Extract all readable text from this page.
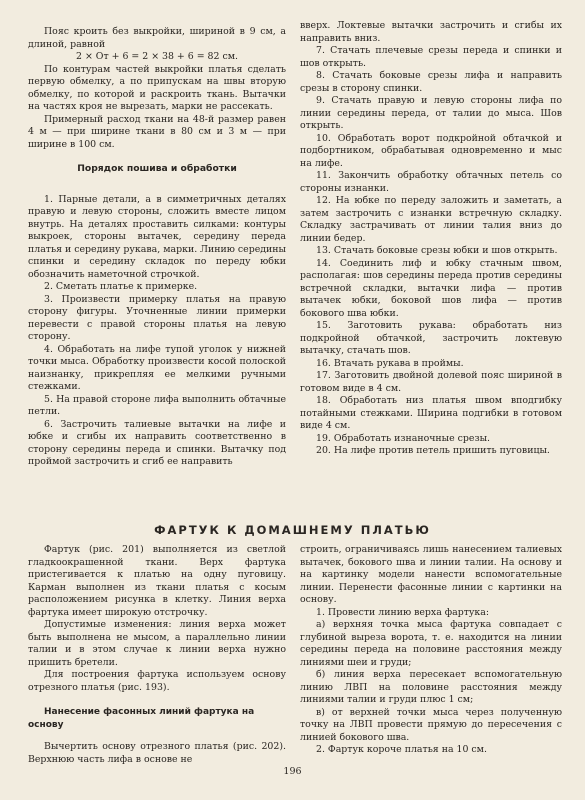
Пояс кроить без выкройки, шириной в 9 см, а длиной, равной

2 × От + 6 = 2 × 38 + 6 = 82 см.

По контурам частей выкройки платья сделать первую обмелку, а по припускам на швы вторую обмелку, по которой и раскроить ткань. Вытачки на частях кроя не вырезать, марки не рассекать.

Примерный расход ткани на 48-й размер равен 4 м — при ширине ткани в 80 см и 3 м — при ширине в 100 см.

Порядок пошива и обработки

1. Парные детали, а в симметричных деталях правую и левую стороны, сложить вместе лицом внутрь. На деталях проставить силками: контуры выкроек, стороны вытачек, середину переда платья и середину рукава, марки. Линию середины спинки и середину складок по переду юбки обозначить наметочной строчкой.

2. Сметать платье к примерке.

3. Произвести примерку платья на правую сторону фигуры. Уточненные линии примерки перевести с правой стороны платья на левую сторону.

4. Обработать на лифе тупой уголок у нижней точки мыса. Обработку произвести косой полоской наизнанку, прикрепляя ее мелкими ручными стежками.

5. На правой стороне лифа выполнить обтачные петли.

6. Застрочить талиевые вытачки на лифе и юбке и сгибы их направить соответственно в сторону середины переда и спинки. Вытачку под проймой застрочить и сгиб ее направить

вверх. Локтевые вытачки застрочить и сгибы их направить вниз.

7. Стачать плечевые срезы переда и спинки и шов открыть.

8. Стачать боковые срезы лифа и направить срезы в сторону спинки.

9. Стачать правую и левую стороны лифа по линии середины переда, от талии до мыса. Шов открыть.

10. Обработать ворот подкройной обтачкой и подбортником, обрабатывая одновременно и мыс на лифе.

11. Закончить обработку обтачных петель со стороны изнанки.

12. На юбке по переду заложить и заметать, а затем застрочить с изнанки встречную складку. Складку застрачивать от линии талия вниз до линии бедер.

13. Стачать боковые срезы юбки и шов открыть.

14. Соединить лиф и юбку стачным швом, располагая: шов середины переда против середины встречной складки, вытачки лифа — против вытачек юбки, боковой шов лифа — против бокового шва юбки.

15. Заготовить рукава: обработать низ подкройной обтачкой, застрочить локтевую вытачку, стачать шов.

16. Втачать рукава в проймы.

17. Заготовить двойной долевой пояс шириной в готовом виде в 4 см.

18. Обработать низ платья швом вподгибку потайными стежками. Ширина подгибки в готовом виде 4 см.

19. Обработать изнаночные срезы.

20. На лифе против петель пришить пуговицы.

ФАРТУК К ДОМАШНЕМУ ПЛАТЬЮ

Фартук (рис. 201) выполняется из светлой гладкоокрашенной ткани. Верх фартука пристегивается к платью на одну пуговицу. Карман выполнен из ткани платья с косым расположением рисунка в клетку. Линия верха фартука имеет широкую отстрочку.

Допустимые изменения: линия верха может быть выполнена не мысом, а параллельно линии талии и в этом случае к линии верха нужно пришить бретели.

Для построения фартука используем основу отрезного платья (рис. 193).

Нанесение фасонных линий фартука на основу

Вычертить основу отрезного платья (рис. 202). Верхнюю часть лифа в основе не

строить, ограничиваясь лишь нанесением талиевых вытачек, бокового шва и линии талии. На основу и на картинку модели нанести вспомогательные линии. Перенести фасонные линии с картинки на основу.

1. Провести линию верха фартука:

а) верхняя точка мыса фартука совпадает с глубиной выреза ворота, т. е. находится на линии середины переда на половине расстояния между линиями шеи и груди;

б) линия верха пересекает вспомогательную линию ЛВП на половине расстояния между линиями талии и груди плюс 1 см;

в) от верхней точки мыса через полученную точку на ЛВП провести прямую до пересечения с линией бокового шва.

2. Фартук короче платья на 10 см.

196
